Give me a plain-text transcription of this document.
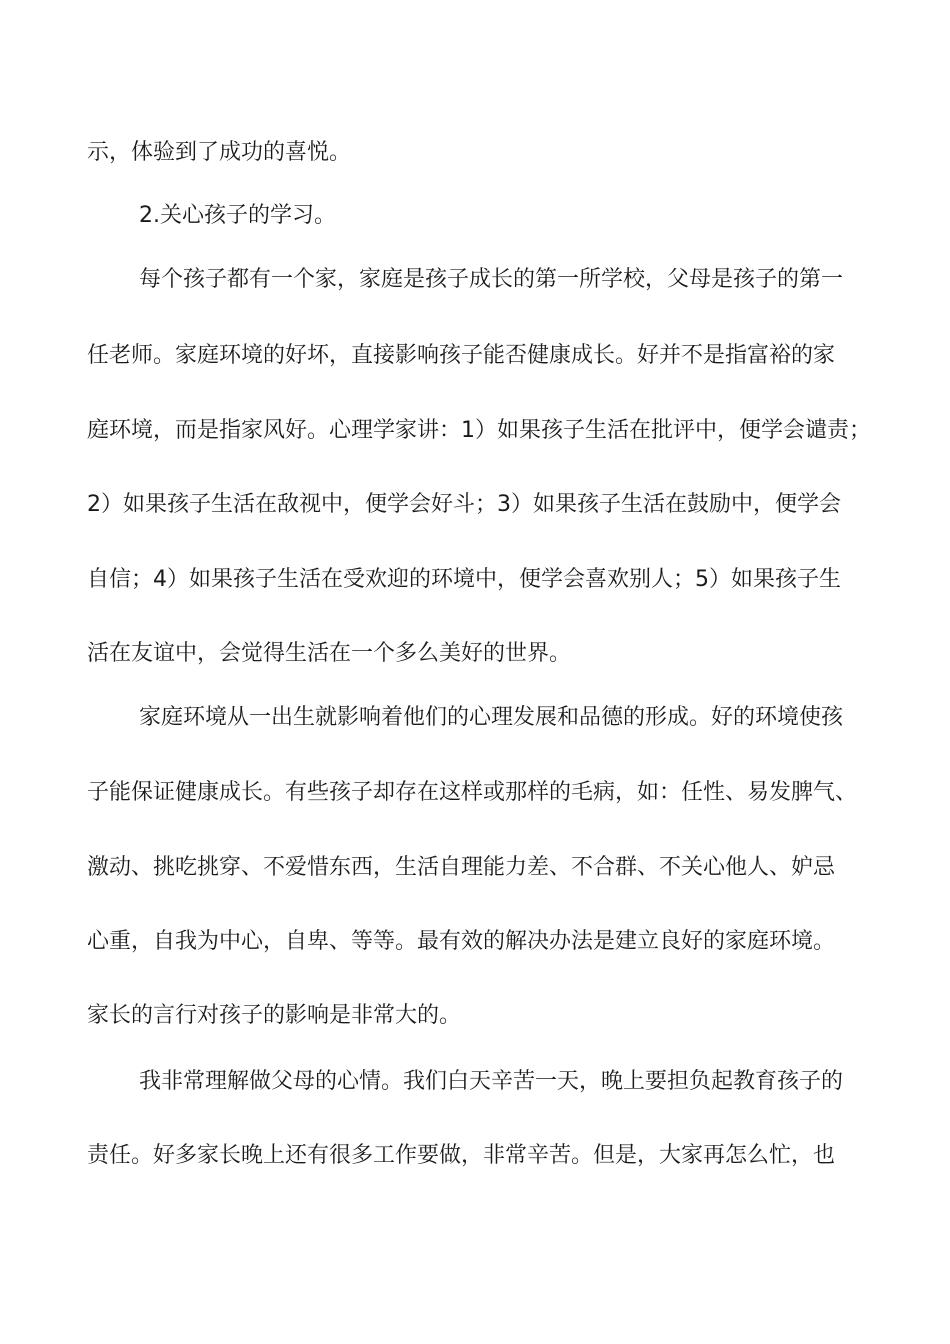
示，体验到了成功的喜悦。
2.关心孩子的学习。
每个孩子都有一个家，家庭是孩子成长的第一所学校，父母是孩子的第一
任老师。家庭环境的好坏，直接影响孩子能否健康成长。好并不是指富裕的家
庭环境，而是指家风好。心理学家讲：1）如果孩子生活在批评中，便学会谴责；
2）如果孩子生活在敌视中，便学会好斗；3）如果孩子生活在鼓励中，便学会
自信；4）如果孩子生活在受欢迎的环境中，便学会喜欢别人；5）如果孩子生
活在友谊中，会觉得生活在一个多么美好的世界。
家庭环境从一出生就影响着他们的心理发展和品德的形成。好的环境使孩
子能保证健康成长。有些孩子却存在这样或那样的毛病，如：任性、易发脾气、
激动、挑吃挑穿、不爱惜东西，生活自理能力差、不合群、不关心他人、妒忌
心重，自我为中心，自卑、等等。最有效的解决办法是建立良好的家庭环境。
家长的言行对孩子的影响是非常大的。
我非常理解做父母的心情。我们白天辛苦一天，晚上要担负起教育孩子的
责任。好多家长晚上还有很多工作要做，非常辛苦。但是，大家再怎么忙，也
